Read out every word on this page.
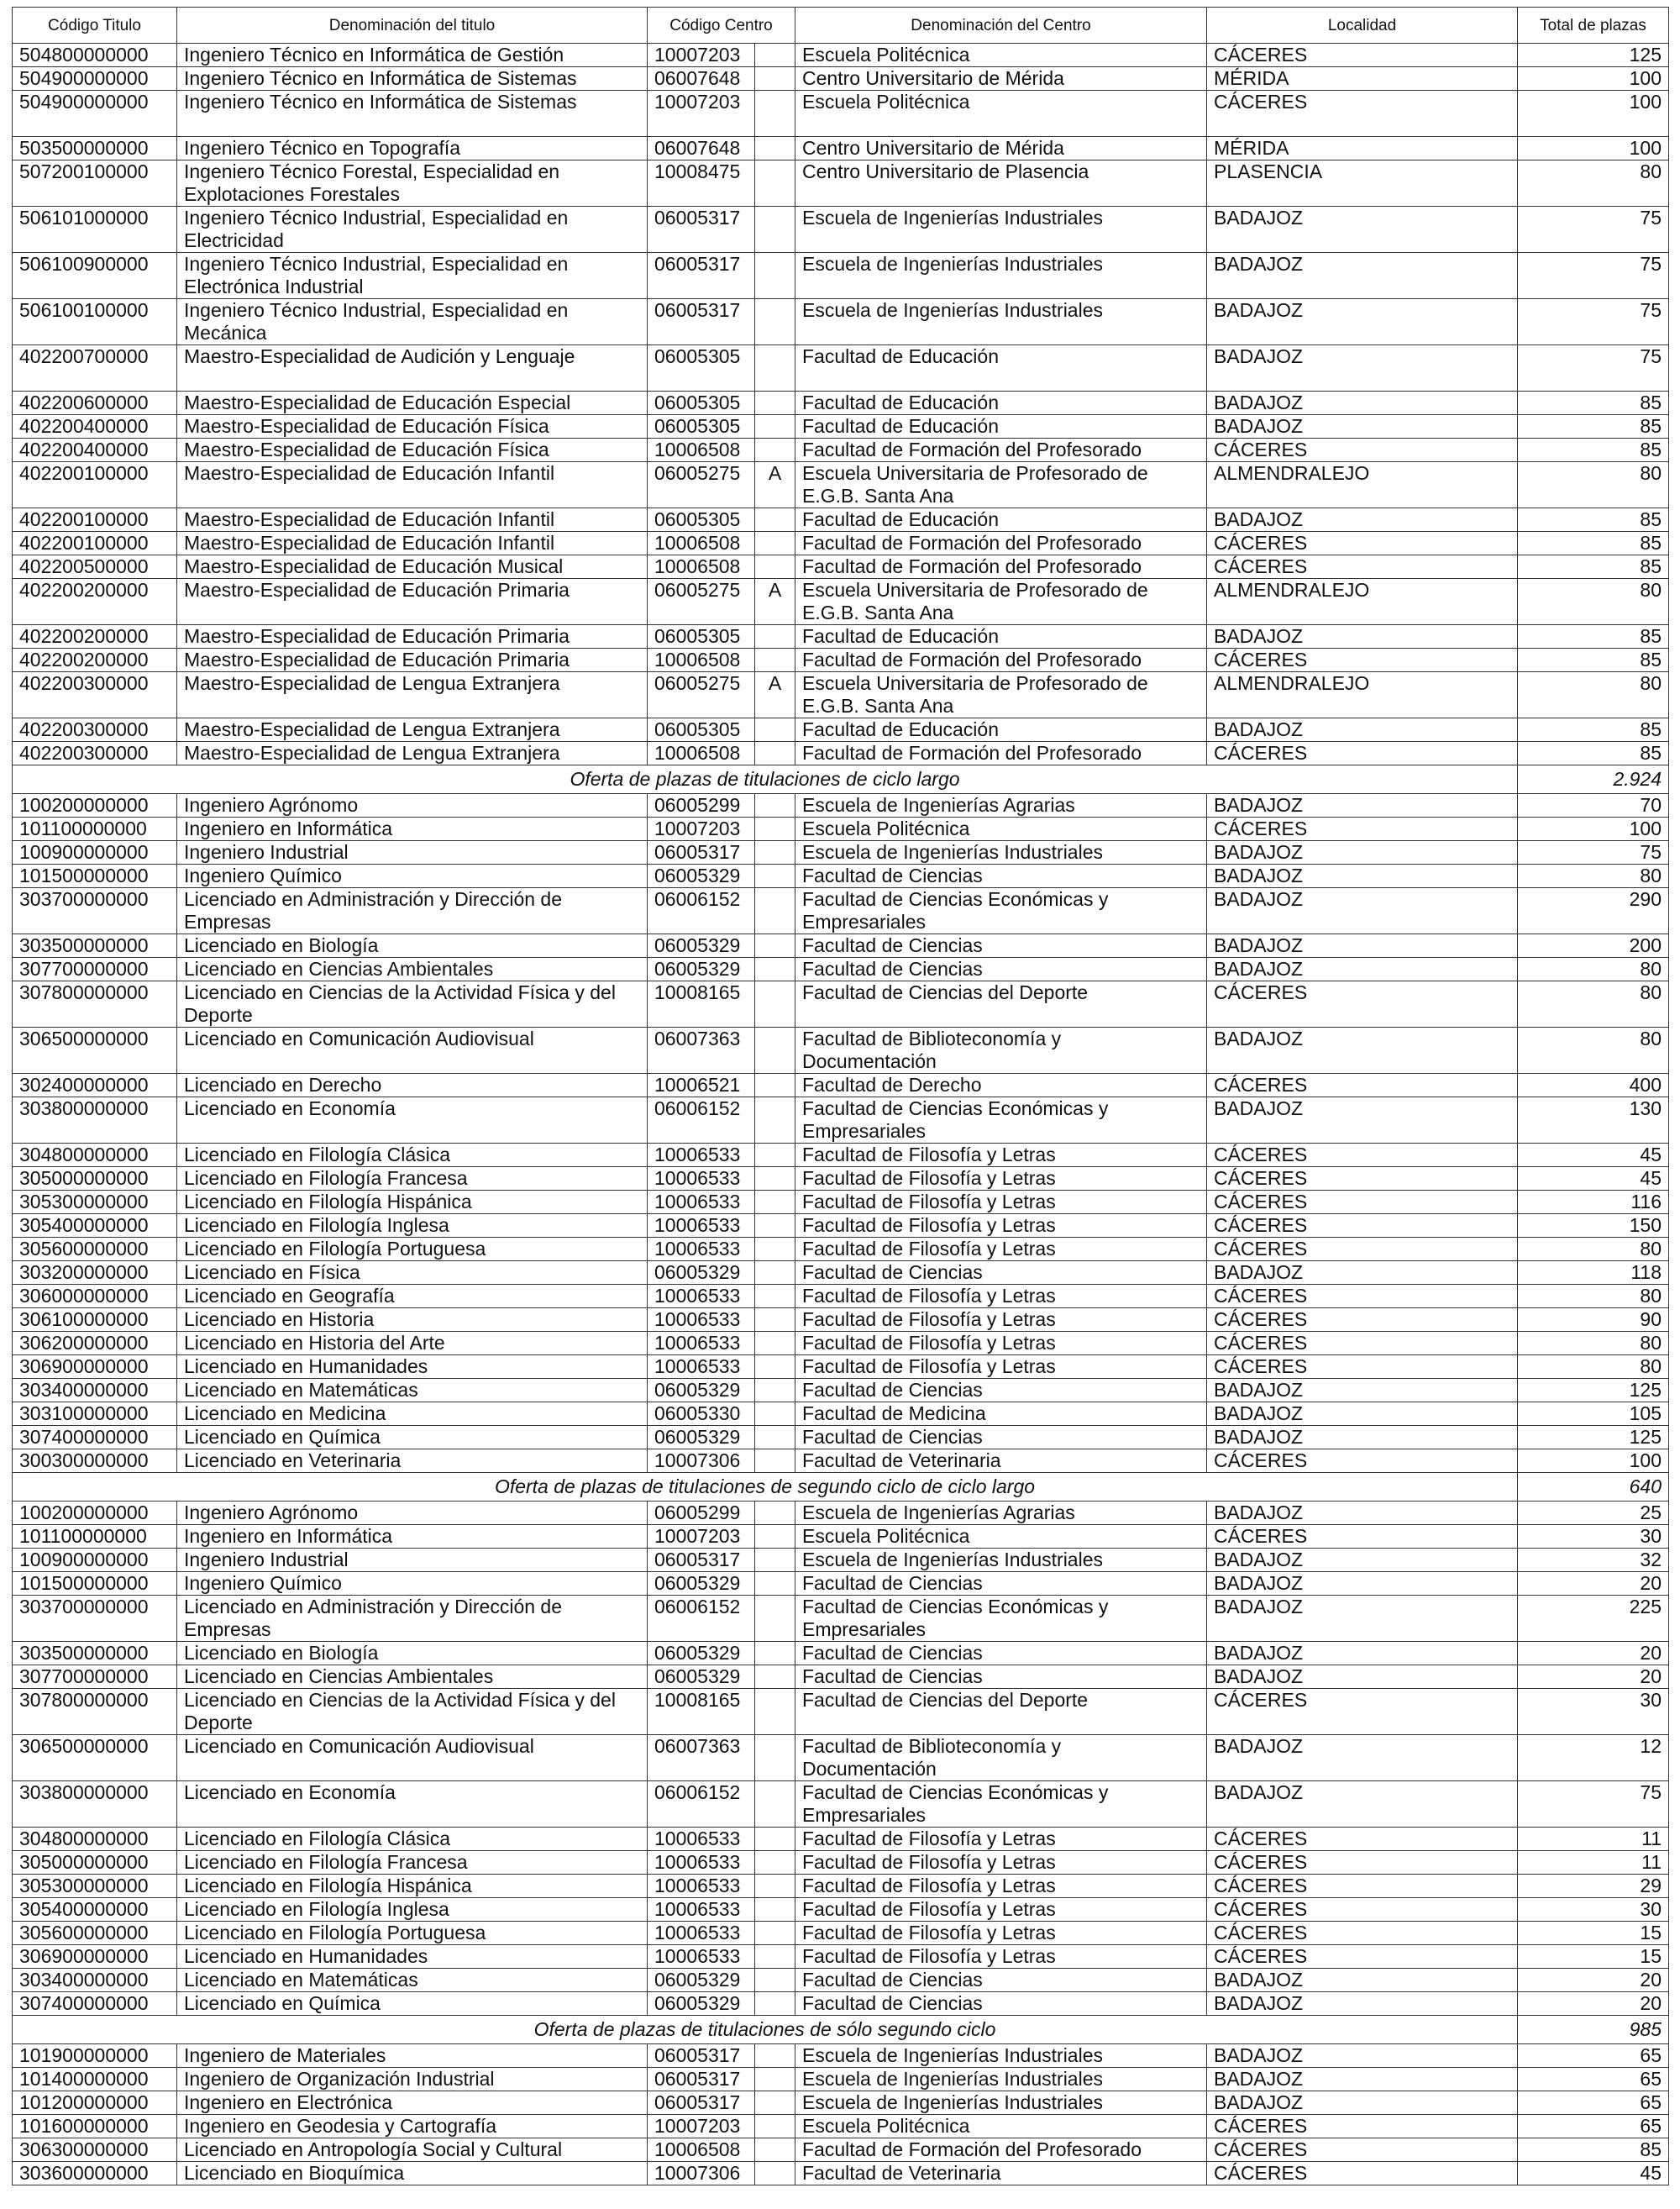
Código Titulo	Denominación del titulo	Código Centro		Denominación del Centro	Localidad	Total de plazas
504800000000	Ingeniero Técnico en Informática de Gestión	10007203		Escuela Politécnica	CÁCERES	125
504900000000	Ingeniero Técnico en Informática de Sistemas	06007648		Centro Universitario de Mérida	MÉRIDA	100
504900000000	Ingeniero Técnico en Informática de Sistemas	10007203		Escuela Politécnica	CÁCERES	100
503500000000	Ingeniero Técnico en Topografía	06007648		Centro Universitario de Mérida	MÉRIDA	100
507200100000	Ingeniero Técnico Forestal, Especialidad en Explotaciones Forestales	10008475		Centro Universitario de Plasencia	PLASENCIA	80
506101000000	Ingeniero Técnico Industrial, Especialidad en Electricidad	06005317		Escuela de Ingenierías Industriales	BADAJOZ	75
506100900000	Ingeniero Técnico Industrial, Especialidad en Electrónica Industrial	06005317		Escuela de Ingenierías Industriales	BADAJOZ	75
506100100000	Ingeniero Técnico Industrial, Especialidad en Mecánica	06005317		Escuela de Ingenierías Industriales	BADAJOZ	75
402200700000	Maestro-Especialidad de Audición y Lenguaje	06005305		Facultad de Educación	BADAJOZ	75
402200600000	Maestro-Especialidad de Educación Especial	06005305		Facultad de Educación	BADAJOZ	85
402200400000	Maestro-Especialidad de Educación Física	06005305		Facultad de Educación	BADAJOZ	85
402200400000	Maestro-Especialidad de Educación Física	10006508		Facultad de Formación del Profesorado	CÁCERES	85
402200100000	Maestro-Especialidad de Educación Infantil	06005275	A	Escuela Universitaria de Profesorado de E.G.B. Santa Ana	ALMENDRALEJO	80
402200100000	Maestro-Especialidad de Educación Infantil	06005305		Facultad de Educación	BADAJOZ	85
402200100000	Maestro-Especialidad de Educación Infantil	10006508		Facultad de Formación del Profesorado	CÁCERES	85
402200500000	Maestro-Especialidad de Educación Musical	10006508		Facultad de Formación del Profesorado	CÁCERES	85
402200200000	Maestro-Especialidad de Educación Primaria	06005275	A	Escuela Universitaria de Profesorado de E.G.B. Santa Ana	ALMENDRALEJO	80
402200200000	Maestro-Especialidad de Educación Primaria	06005305		Facultad de Educación	BADAJOZ	85
402200200000	Maestro-Especialidad de Educación Primaria	10006508		Facultad de Formación del Profesorado	CÁCERES	85
402200300000	Maestro-Especialidad de Lengua Extranjera	06005275	A	Escuela Universitaria de Profesorado de E.G.B. Santa Ana	ALMENDRALEJO	80
402200300000	Maestro-Especialidad de Lengua Extranjera	06005305		Facultad de Educación	BADAJOZ	85
402200300000	Maestro-Especialidad de Lengua Extranjera	10006508		Facultad de Formación del Profesorado	CÁCERES	85
Oferta de plazas de titulaciones de ciclo largo						2.924
100200000000	Ingeniero Agrónomo	06005299		Escuela de Ingenierías Agrarias	BADAJOZ	70
101100000000	Ingeniero en Informática	10007203		Escuela Politécnica	CÁCERES	100
100900000000	Ingeniero Industrial	06005317		Escuela de Ingenierías Industriales	BADAJOZ	75
101500000000	Ingeniero Químico	06005329		Facultad de Ciencias	BADAJOZ	80
303700000000	Licenciado en Administración y Dirección de Empresas	06006152		Facultad de Ciencias Económicas y Empresariales	BADAJOZ	290
303500000000	Licenciado en Biología	06005329		Facultad de Ciencias	BADAJOZ	200
307700000000	Licenciado en Ciencias Ambientales	06005329		Facultad de Ciencias	BADAJOZ	80
307800000000	Licenciado en Ciencias de la Actividad Física y del Deporte	10008165		Facultad de Ciencias del Deporte	CÁCERES	80
306500000000	Licenciado en Comunicación Audiovisual	06007363		Facultad de Biblioteconomía y Documentación	BADAJOZ	80
302400000000	Licenciado en Derecho	10006521		Facultad de Derecho	CÁCERES	400
303800000000	Licenciado en Economía	06006152		Facultad de Ciencias Económicas y Empresariales	BADAJOZ	130
304800000000	Licenciado en Filología Clásica	10006533		Facultad de Filosofía y Letras	CÁCERES	45
305000000000	Licenciado en Filología Francesa	10006533		Facultad de Filosofía y Letras	CÁCERES	45
305300000000	Licenciado en Filología Hispánica	10006533		Facultad de Filosofía y Letras	CÁCERES	116
305400000000	Licenciado en Filología Inglesa	10006533		Facultad de Filosofía y Letras	CÁCERES	150
305600000000	Licenciado en Filología Portuguesa	10006533		Facultad de Filosofía y Letras	CÁCERES	80
303200000000	Licenciado en Física	06005329		Facultad de Ciencias	BADAJOZ	118
306000000000	Licenciado en Geografía	10006533		Facultad de Filosofía y Letras	CÁCERES	80
306100000000	Licenciado en Historia	10006533		Facultad de Filosofía y Letras	CÁCERES	90
306200000000	Licenciado en Historia del Arte	10006533		Facultad de Filosofía y Letras	CÁCERES	80
306900000000	Licenciado en Humanidades	10006533		Facultad de Filosofía y Letras	CÁCERES	80
303400000000	Licenciado en Matemáticas	06005329		Facultad de Ciencias	BADAJOZ	125
303100000000	Licenciado en Medicina	06005330		Facultad de Medicina	BADAJOZ	105
307400000000	Licenciado en Química	06005329		Facultad de Ciencias	BADAJOZ	125
300300000000	Licenciado en Veterinaria	10007306		Facultad de Veterinaria	CÁCERES	100
Oferta de plazas de titulaciones de segundo ciclo de ciclo largo						640
100200000000	Ingeniero Agrónomo	06005299		Escuela de Ingenierías Agrarias	BADAJOZ	25
101100000000	Ingeniero en Informática	10007203		Escuela Politécnica	CÁCERES	30
100900000000	Ingeniero Industrial	06005317		Escuela de Ingenierías Industriales	BADAJOZ	32
101500000000	Ingeniero Químico	06005329		Facultad de Ciencias	BADAJOZ	20
303700000000	Licenciado en Administración y Dirección de Empresas	06006152		Facultad de Ciencias Económicas y Empresariales	BADAJOZ	225
303500000000	Licenciado en Biología	06005329		Facultad de Ciencias	BADAJOZ	20
307700000000	Licenciado en Ciencias Ambientales	06005329		Facultad de Ciencias	BADAJOZ	20
307800000000	Licenciado en Ciencias de la Actividad Física y del Deporte	10008165		Facultad de Ciencias del Deporte	CÁCERES	30
306500000000	Licenciado en Comunicación Audiovisual	06007363		Facultad de Biblioteconomía y Documentación	BADAJOZ	12
303800000000	Licenciado en Economía	06006152		Facultad de Ciencias Económicas y Empresariales	BADAJOZ	75
304800000000	Licenciado en Filología Clásica	10006533		Facultad de Filosofía y Letras	CÁCERES	11
305000000000	Licenciado en Filología Francesa	10006533		Facultad de Filosofía y Letras	CÁCERES	11
305300000000	Licenciado en Filología Hispánica	10006533		Facultad de Filosofía y Letras	CÁCERES	29
305400000000	Licenciado en Filología Inglesa	10006533		Facultad de Filosofía y Letras	CÁCERES	30
305600000000	Licenciado en Filología Portuguesa	10006533		Facultad de Filosofía y Letras	CÁCERES	15
306900000000	Licenciado en Humanidades	10006533		Facultad de Filosofía y Letras	CÁCERES	15
303400000000	Licenciado en Matemáticas	06005329		Facultad de Ciencias	BADAJOZ	20
307400000000	Licenciado en Química	06005329		Facultad de Ciencias	BADAJOZ	20
Oferta de plazas de titulaciones de sólo segundo ciclo						985
101900000000	Ingeniero de Materiales	06005317		Escuela de Ingenierías Industriales	BADAJOZ	65
101400000000	Ingeniero de Organización Industrial	06005317		Escuela de Ingenierías Industriales	BADAJOZ	65
101200000000	Ingeniero en Electrónica	06005317		Escuela de Ingenierías Industriales	BADAJOZ	65
101600000000	Ingeniero en Geodesia y Cartografía	10007203		Escuela Politécnica	CÁCERES	65
306300000000	Licenciado en Antropología Social y Cultural	10006508		Facultad de Formación del Profesorado	CÁCERES	85
303600000000	Licenciado en Bioquímica	10007306		Facultad de Veterinaria	CÁCERES	45
